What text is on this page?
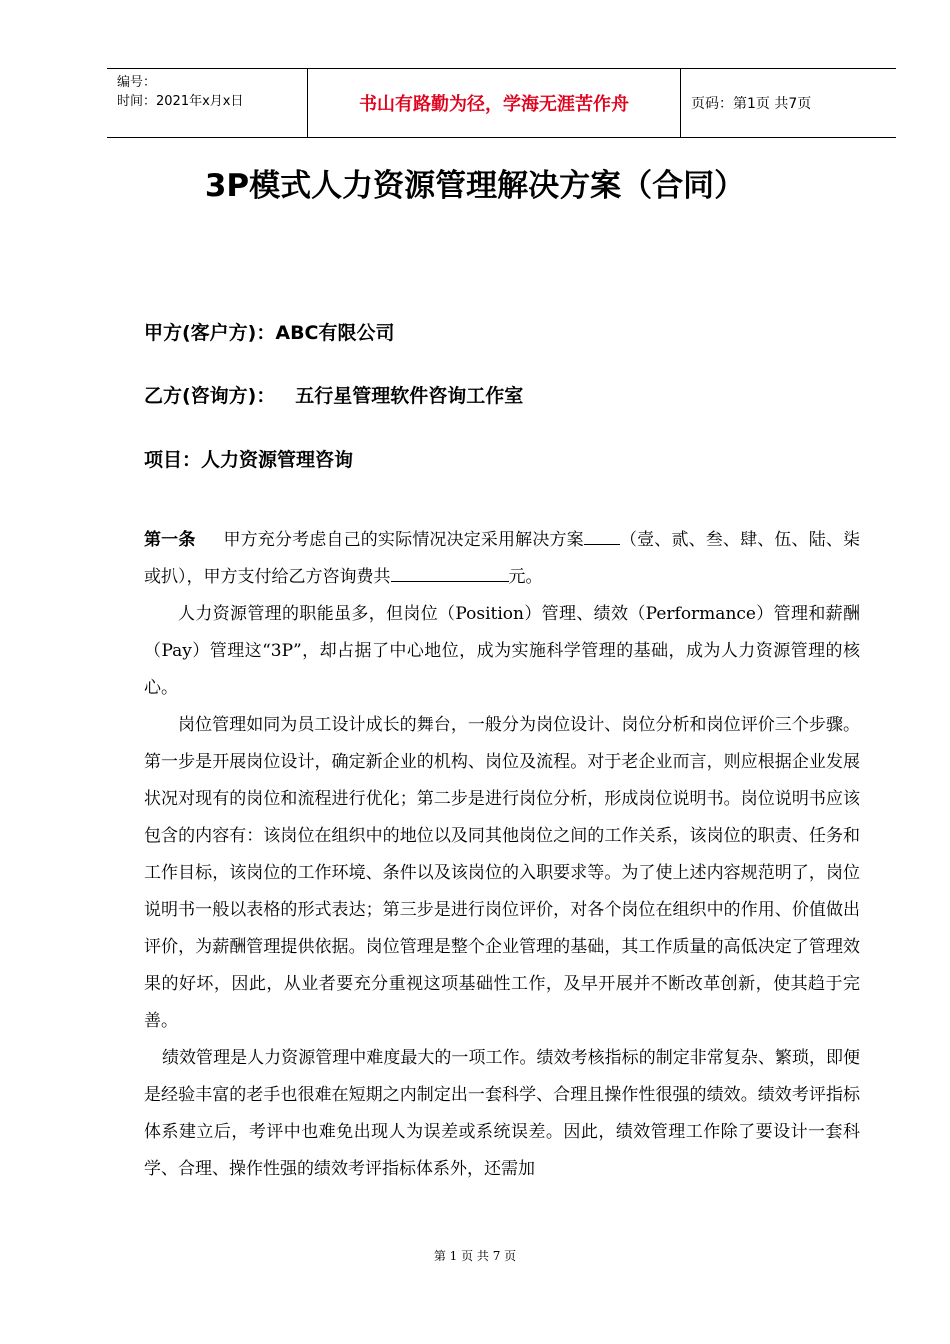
编号：
时间：2021年x月x日	书山有路勤为径，学海无涯苦作舟	页码：第1页 共7页
3P模式人力资源管理解决方案（合同）
甲方(客户方)：ABC有限公司
乙方(咨询方)：   五行星管理软件咨询工作室
项目：人力资源管理咨询

第一条 甲方充分考虑自己的实际情况决定采用解决方案 （壹、贰、叁、肆、伍、陆、柒或扒），甲方支付给乙方咨询费共	元。

人力资源管理的职能虽多，但岗位（Position）管理、绩效（Performance）管理和薪酬（Pay）管理这“3P”，却占据了中心地位，成为实施科学管理的基础，成为人力资源管理的核心。

岗位管理如同为员工设计成长的舞台，一般分为岗位设计、岗位分析和岗位评价三个步骤。第一步是开展岗位设计，确定新企业的机构、岗位及流程。对于老企业而言，则应根据企业发展状况对现有的岗位和流程进行优化；第二步是进行岗位分析，形成岗位说明书。岗位说明书应该包含的内容有：该岗位在组织中的地位以及同其他岗位之间的工作关系，该岗位的职责、任务和工作目标，该岗位的工作环境、条件以及该岗位的入职要求等。为了使上述内容规范明了，岗位说明书一般以表格的形式表达；第三步是进行岗位评价，对各个岗位在组织中的作用、价值做出评价，为薪酬管理提供依据。岗位管理是整个企业管理的基础，其工作质量的高低决定了管理效果的好坏，因此，从业者要充分重视这项基础性工作，及早开展并不断改革创新，使其趋于完善。

绩效管理是人力资源管理中难度最大的一项工作。绩效考核指标的制定非常复杂、繁琐，即便是经验丰富的老手也很难在短期之内制定出一套科学、合理且操作性很强的绩效。绩效考评指标体系建立后，考评中也难免出现人为误差或系统误差。因此，绩效管理工作除了要设计一套科学、合理、操作性强的绩效考评指标体系外，还需加

第 1 页 共 7 页
